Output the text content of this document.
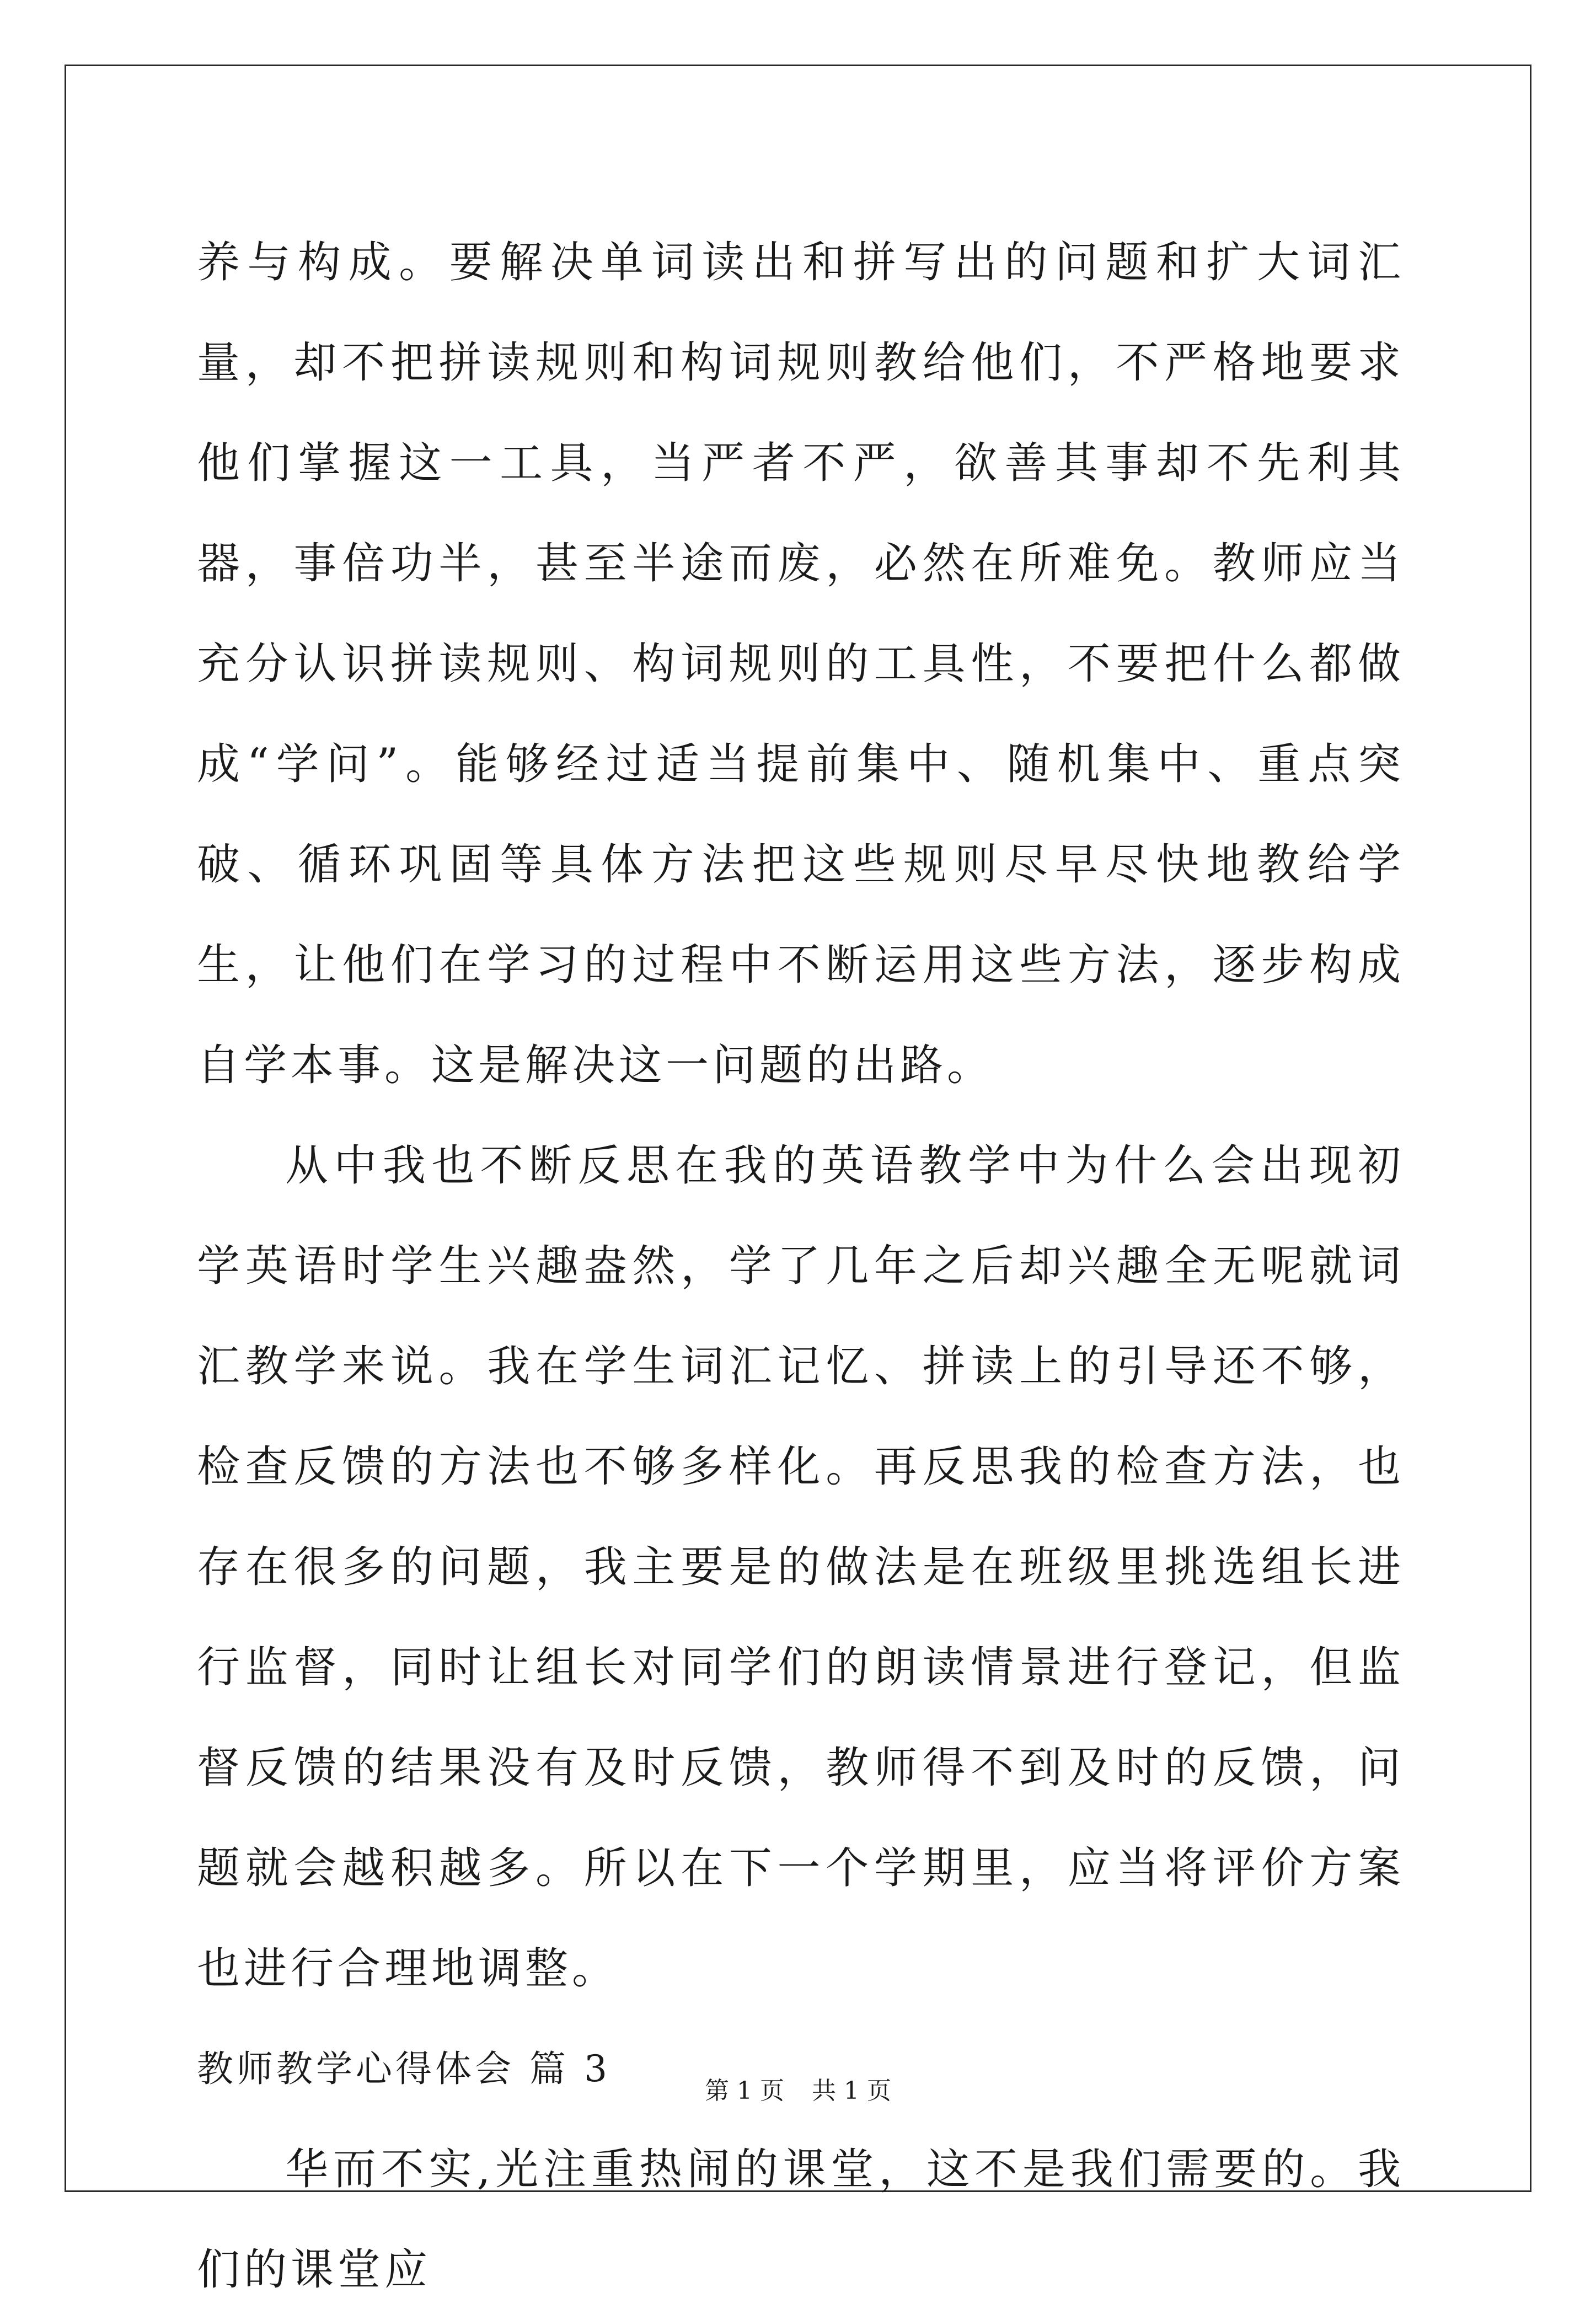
养与构成。要解决单词读出和拼写出的问题和扩大词汇量，却不把拼读规则和构词规则教给他们，不严格地要求他们掌握这一工具，当严者不严，欲善其事却不先利其器，事倍功半，甚至半途而废，必然在所难免。教师应当充分认识拼读规则、构词规则的工具性，不要把什么都做成“学问”。能够经过适当提前集中、随机集中、重点突破、循环巩固等具体方法把这些规则尽早尽快地教给学生，让他们在学习的过程中不断运用这些方法，逐步构成自学本事。这是解决这一问题的出路。

从中我也不断反思在我的英语教学中为什么会出现初学英语时学生兴趣盎然，学了几年之后却兴趣全无呢就词汇教学来说。我在学生词汇记忆、拼读上的引导还不够，检查反馈的方法也不够多样化。再反思我的检查方法，也存在很多的问题，我主要是的做法是在班级里挑选组长进行监督，同时让组长对同学们的朗读情景进行登记，但监督反馈的结果没有及时反馈，教师得不到及时的反馈，问题就会越积越多。所以在下一个学期里，应当将评价方案也进行合理地调整。

教师教学心得体会 篇 3

华而不实,光注重热闹的课堂，这不是我们需要的。我们的课堂应

第 1 页 共 1 页
